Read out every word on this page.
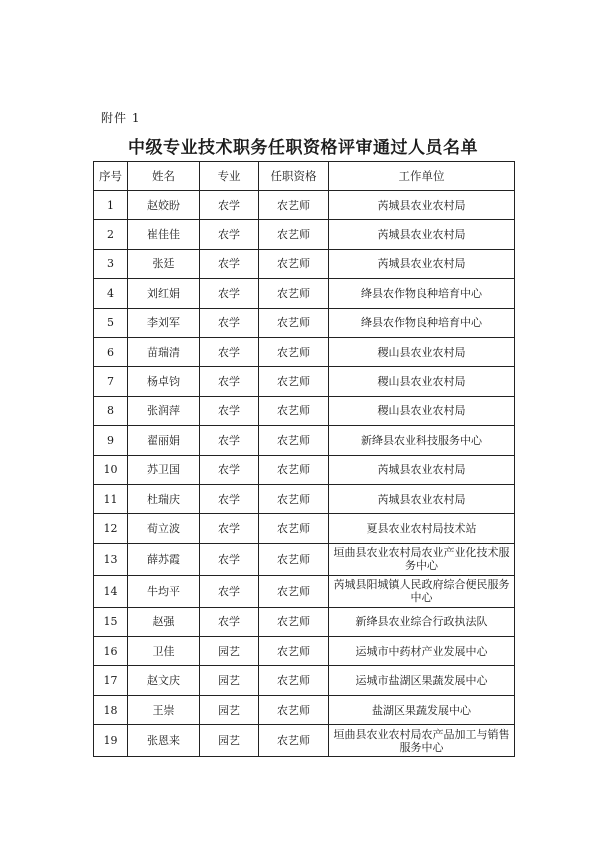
附件 1
中级专业技术职务任职资格评审通过人员名单
序号	姓名	专业	任职资格	工作单位
1	赵姣盼	农学	农艺师	芮城县农业农村局
2	崔佳佳	农学	农艺师	芮城县农业农村局
3	张廷	农学	农艺师	芮城县农业农村局
4	刘红娟	农学	农艺师	绛县农作物良种培育中心
5	李刘军	农学	农艺师	绛县农作物良种培育中心
6	苗瑞清	农学	农艺师	稷山县农业农村局
7	杨卓钧	农学	农艺师	稷山县农业农村局
8	张润萍	农学	农艺师	稷山县农业农村局
9	翟丽娟	农学	农艺师	新绛县农业科技服务中心
10	苏卫国	农学	农艺师	芮城县农业农村局
11	杜瑞庆	农学	农艺师	芮城县农业农村局
12	荀立波	农学	农艺师	夏县农业农村局技术站
13	薛苏霞	农学	农艺师	垣曲县农业农村局农业产业化技术服务中心
14	牛均平	农学	农艺师	芮城县阳城镇人民政府综合便民服务中心
15	赵强	农学	农艺师	新绛县农业综合行政执法队
16	卫佳	园艺	农艺师	运城市中药材产业发展中心
17	赵文庆	园艺	农艺师	运城市盐湖区果蔬发展中心
18	王崇	园艺	农艺师	盐湖区果蔬发展中心
19	张恩来	园艺	农艺师	垣曲县农业农村局农产品加工与销售服务中心
